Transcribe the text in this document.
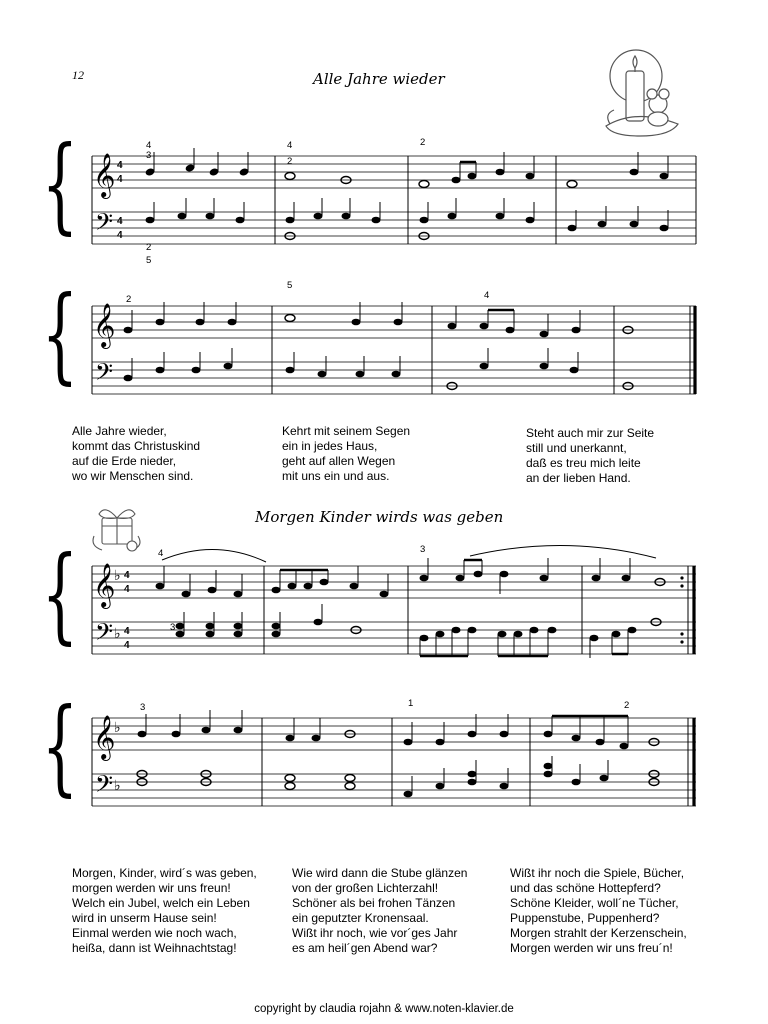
12	Alle Jahre wieder
{ 𝄞
𝄢
4
4
4
4
4
3
4
2
2
2
5
{ 𝄞
𝄢
2
5
4
Alle Jahre wieder,
kommt das Christuskind
auf die Erde nieder,
wo wir Menschen sind.
Kehrt mit seinem Segen
ein in jedes Haus,
geht auf allen Wegen
mit uns ein und aus.
Steht auch mir zur Seite
still und unerkannt,
daß es treu mich leite
an der lieben Hand.
Morgen Kinder wirds was geben
{ 𝄞
𝄢
♭
♭
4
4
4
4
4
3
3
{ 𝄞
𝄢
♭
♭
3	1	2
Morgen, Kinder, wird´s was geben,
morgen werden wir uns freun!
Welch ein Jubel, welch ein Leben
wird in unserm Hause sein!
Einmal werden wie noch wach,
heißa, dann ist Weihnachtstag!
Wie wird dann die Stube glänzen
von der großen Lichterzahl!
Schöner als bei frohen Tänzen
ein geputzter Kronensaal.
Wißt ihr noch, wie vor´ges Jahr
es am heil´gen Abend war?
Wißt ihr noch die Spiele, Bücher,
und das schöne Hottepferd?
Schöne Kleider, woll´ne Tücher,
Puppenstube, Puppenherd?
Morgen strahlt der Kerzenschein,
Morgen werden wir uns freu´n!
copyright by claudia rojahn & www.noten-klavier.de
